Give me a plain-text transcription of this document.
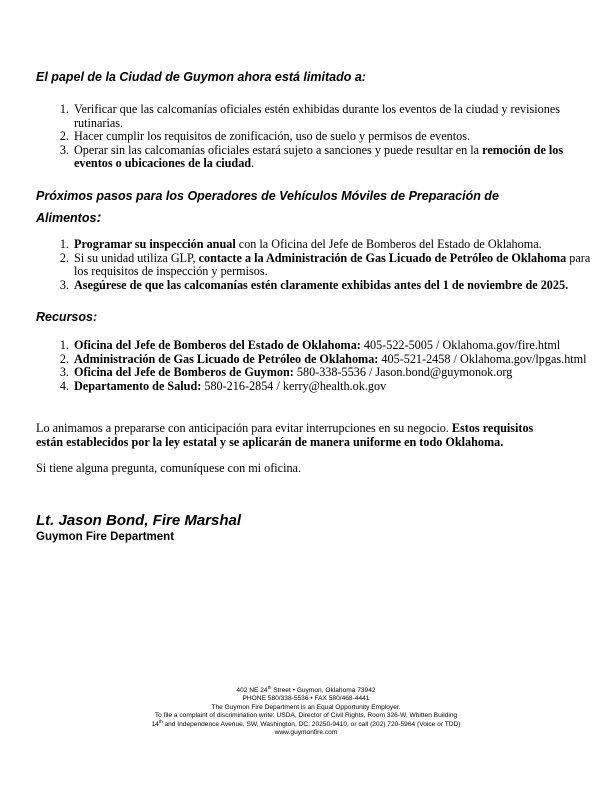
El papel de la Ciudad de Guymon ahora está limitado a:

1. Verificar que las calcomanías oficiales estén exhibidas durante los eventos de la ciudad y revisiones rutinarias.
2. Hacer cumplir los requisitos de zonificación, uso de suelo y permisos de eventos.
3. Operar sin las calcomanías oficiales estará sujeto a sanciones y puede resultar en la remoción de los eventos o ubicaciones de la ciudad.

Próximos pasos para los Operadores de Vehículos Móviles de Preparación de
Alimentos:

1. Programar su inspección anual con la Oficina del Jefe de Bomberos del Estado de Oklahoma.
2. Si su unidad utiliza GLP, contacte a la Administración de Gas Licuado de Petróleo de Oklahoma para los requisitos de inspección y permisos.
3. Asegúrese de que las calcomanías estén claramente exhibidas antes del 1 de noviembre de 2025.

Recursos:

1. Oficina del Jefe de Bomberos del Estado de Oklahoma: 405-522-5005 / Oklahoma.gov/fire.html
2. Administración de Gas Licuado de Petróleo de Oklahoma: 405-521-2458 / Oklahoma.gov/lpgas.html
3. Oficina del Jefe de Bomberos de Guymon: 580-338-5536 / Jason.bond@guymonok.org
4. Departamento de Salud: 580-216-2854 / kerry@health.ok.gov

Lo animamos a prepararse con anticipación para evitar interrupciones en su negocio. Estos requisitos están establecidos por la ley estatal y se aplicarán de manera uniforme en todo Oklahoma.

Si tiene alguna pregunta, comuníquese con mi oficina.

Lt. Jason Bond, Fire Marshal

Guymon Fire Department

402 NE 24th Street • Guymon, Oklahoma 73942
PHONE 580/338-5536 • FAX 580/468-4441
The Guymon Fire Department is an Equal Opportunity Employer.
To file a complaint of discrimination write: USDA, Director of Civil Rights, Room 326-W, Whitten Building
14th and Independence Avenue, SW, Washington, DC. 20250-9410, or call (202) 720-5964 (Voice or TDD)
www.guymonfire.com
